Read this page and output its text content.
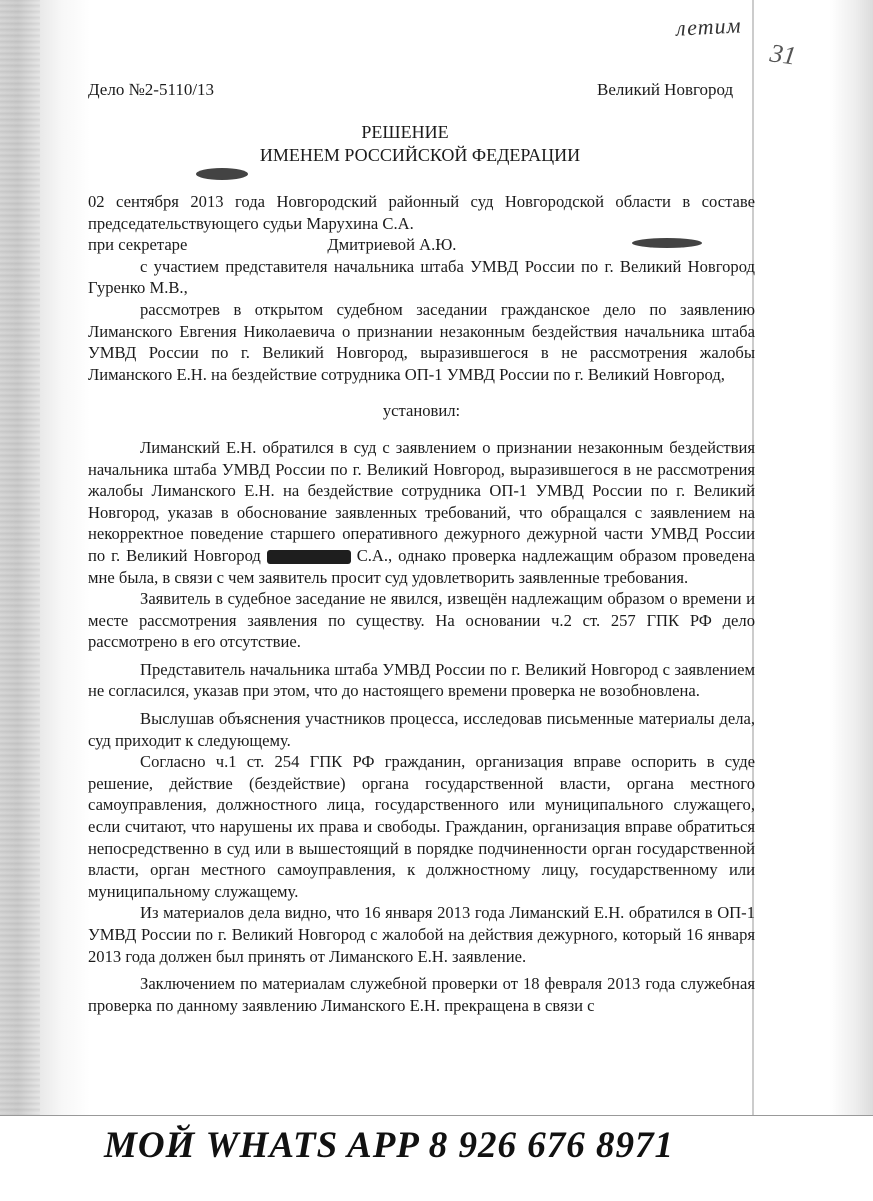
летим
31
Дело №2-5110/13	Великий Новгород
РЕШЕНИЕ
ИМЕНЕМ РОССИЙСКОЙ ФЕДЕРАЦИИ

02 сентября 2013 года Новгородский районный суд Новгородской области в составе председательствующего судьи Марухина С.А.

при секретаре	Дмитриевой А.Ю.

с участием представителя начальника штаба УМВД России по г. Великий Новгород Гуренко М.В.,

рассмотрев в открытом судебном заседании гражданское дело по заявлению Лиманского Евгения Николаевича о признании незаконным бездействия начальника штаба УМВД России по г. Великий Новгород, выразившегося в не рассмотрения жалобы Лиманского Е.Н. на бездействие сотрудника ОП-1 УМВД России по г. Великий Новгород,

установил:

Лиманский Е.Н. обратился в суд с заявлением о признании незаконным бездействия начальника штаба УМВД России по г. Великий Новгород, выразившегося в не рассмотрения жалобы Лиманского Е.Н. на бездействие сотрудника ОП-1 УМВД России по г. Великий Новгород, указав в обоснование заявленных требований, что обращался с заявлением на некорректное поведение старшего оперативного дежурного дежурной части УМВД России по г. Великий Новгород	С.А., однако проверка надлежащим образом проведена мне была, в связи с чем заявитель просит суд удовлетворить заявленные требования.

Заявитель в судебное заседание не явился, извещён надлежащим образом о времени и месте рассмотрения заявления по существу. На основании ч.2 ст. 257 ГПК РФ дело рассмотрено в его отсутствие.

Представитель начальника штаба УМВД России по г. Великий Новгород с заявлением не согласился, указав при этом, что до настоящего времени проверка не возобновлена.

Выслушав объяснения участников процесса, исследовав письменные материалы дела, суд приходит к следующему.

Согласно ч.1 ст. 254 ГПК РФ гражданин, организация вправе оспорить в суде решение, действие (бездействие) органа государственной власти, органа местного самоуправления, должностного лица, государственного или муниципального служащего, если считают, что нарушены их права и свободы. Гражданин, организация вправе обратиться непосредственно в суд или в вышестоящий в порядке подчиненности орган государственной власти, орган местного самоуправления, к должностному лицу, государственному или муниципальному служащему.

Из материалов дела видно, что 16 января 2013 года Лиманский Е.Н. обратился в ОП-1 УМВД России по г. Великий Новгород с жалобой на действия дежурного, который 16 января 2013 года должен был принять от Лиманского Е.Н. заявление.

Заключением по материалам служебной проверки от 18 февраля 2013 года служебная проверка по данному заявлению Лиманского Е.Н. прекращена в связи с

МОЙ WHATS APP 8 926 676 8971
